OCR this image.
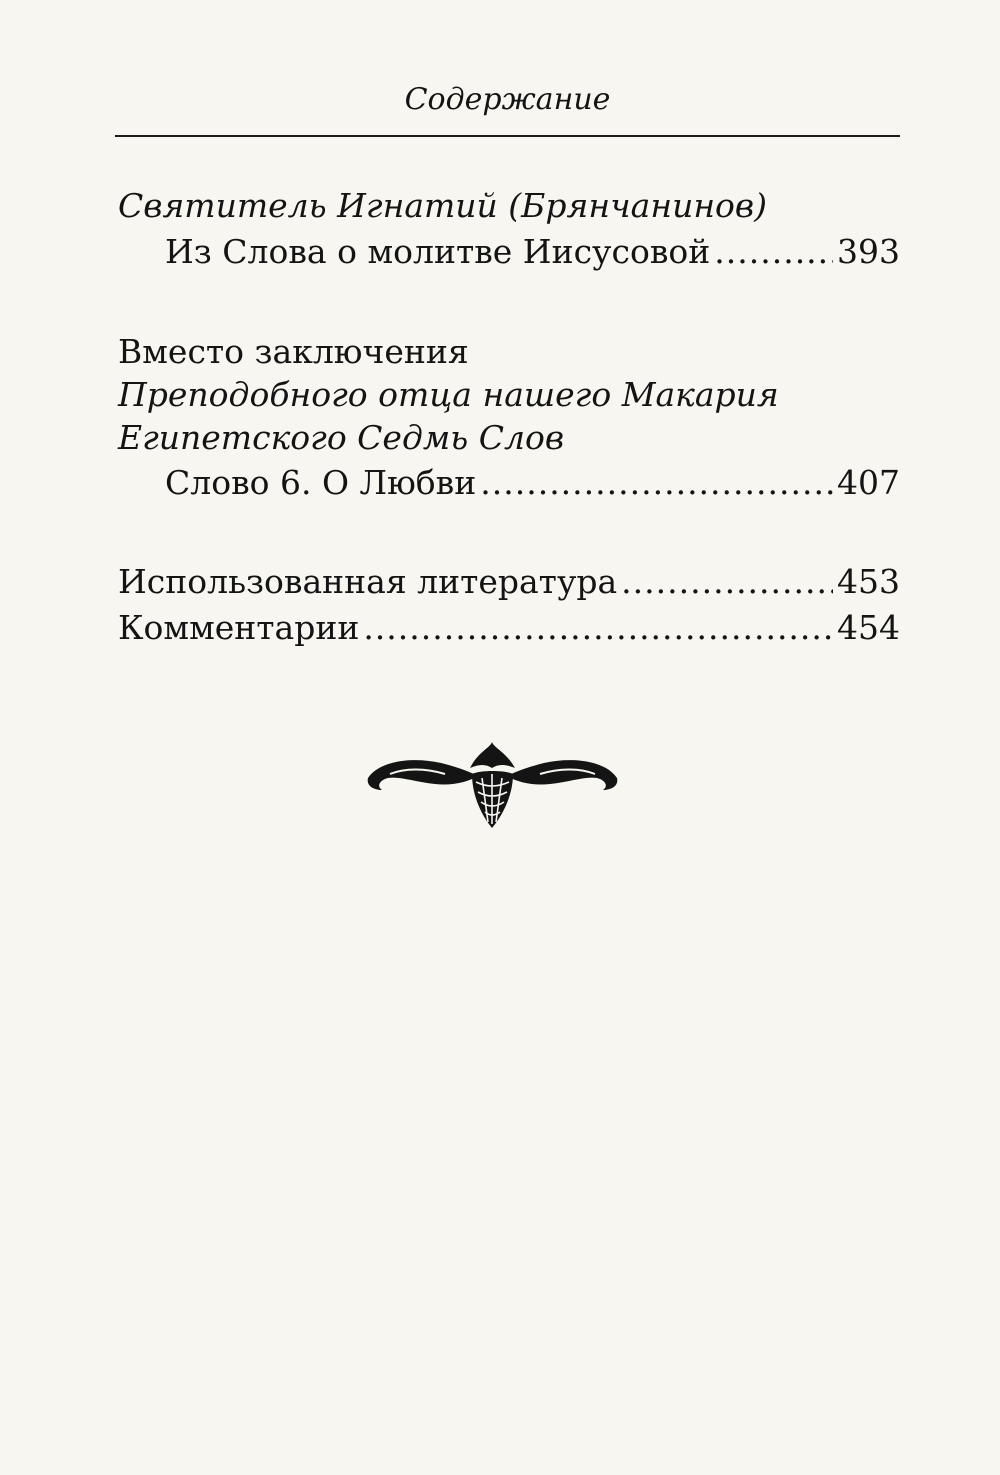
Содержание
Святитель Игнатий (Брянчанинов)
Из Слова о молитве Иисусовой .....	393
Вместо заключения
Преподобного отца нашего Макария
Египетского Седмь Слов
Слово 6. О Любви .....	407
Использованная литература .....	453
Комментарии .....	454
